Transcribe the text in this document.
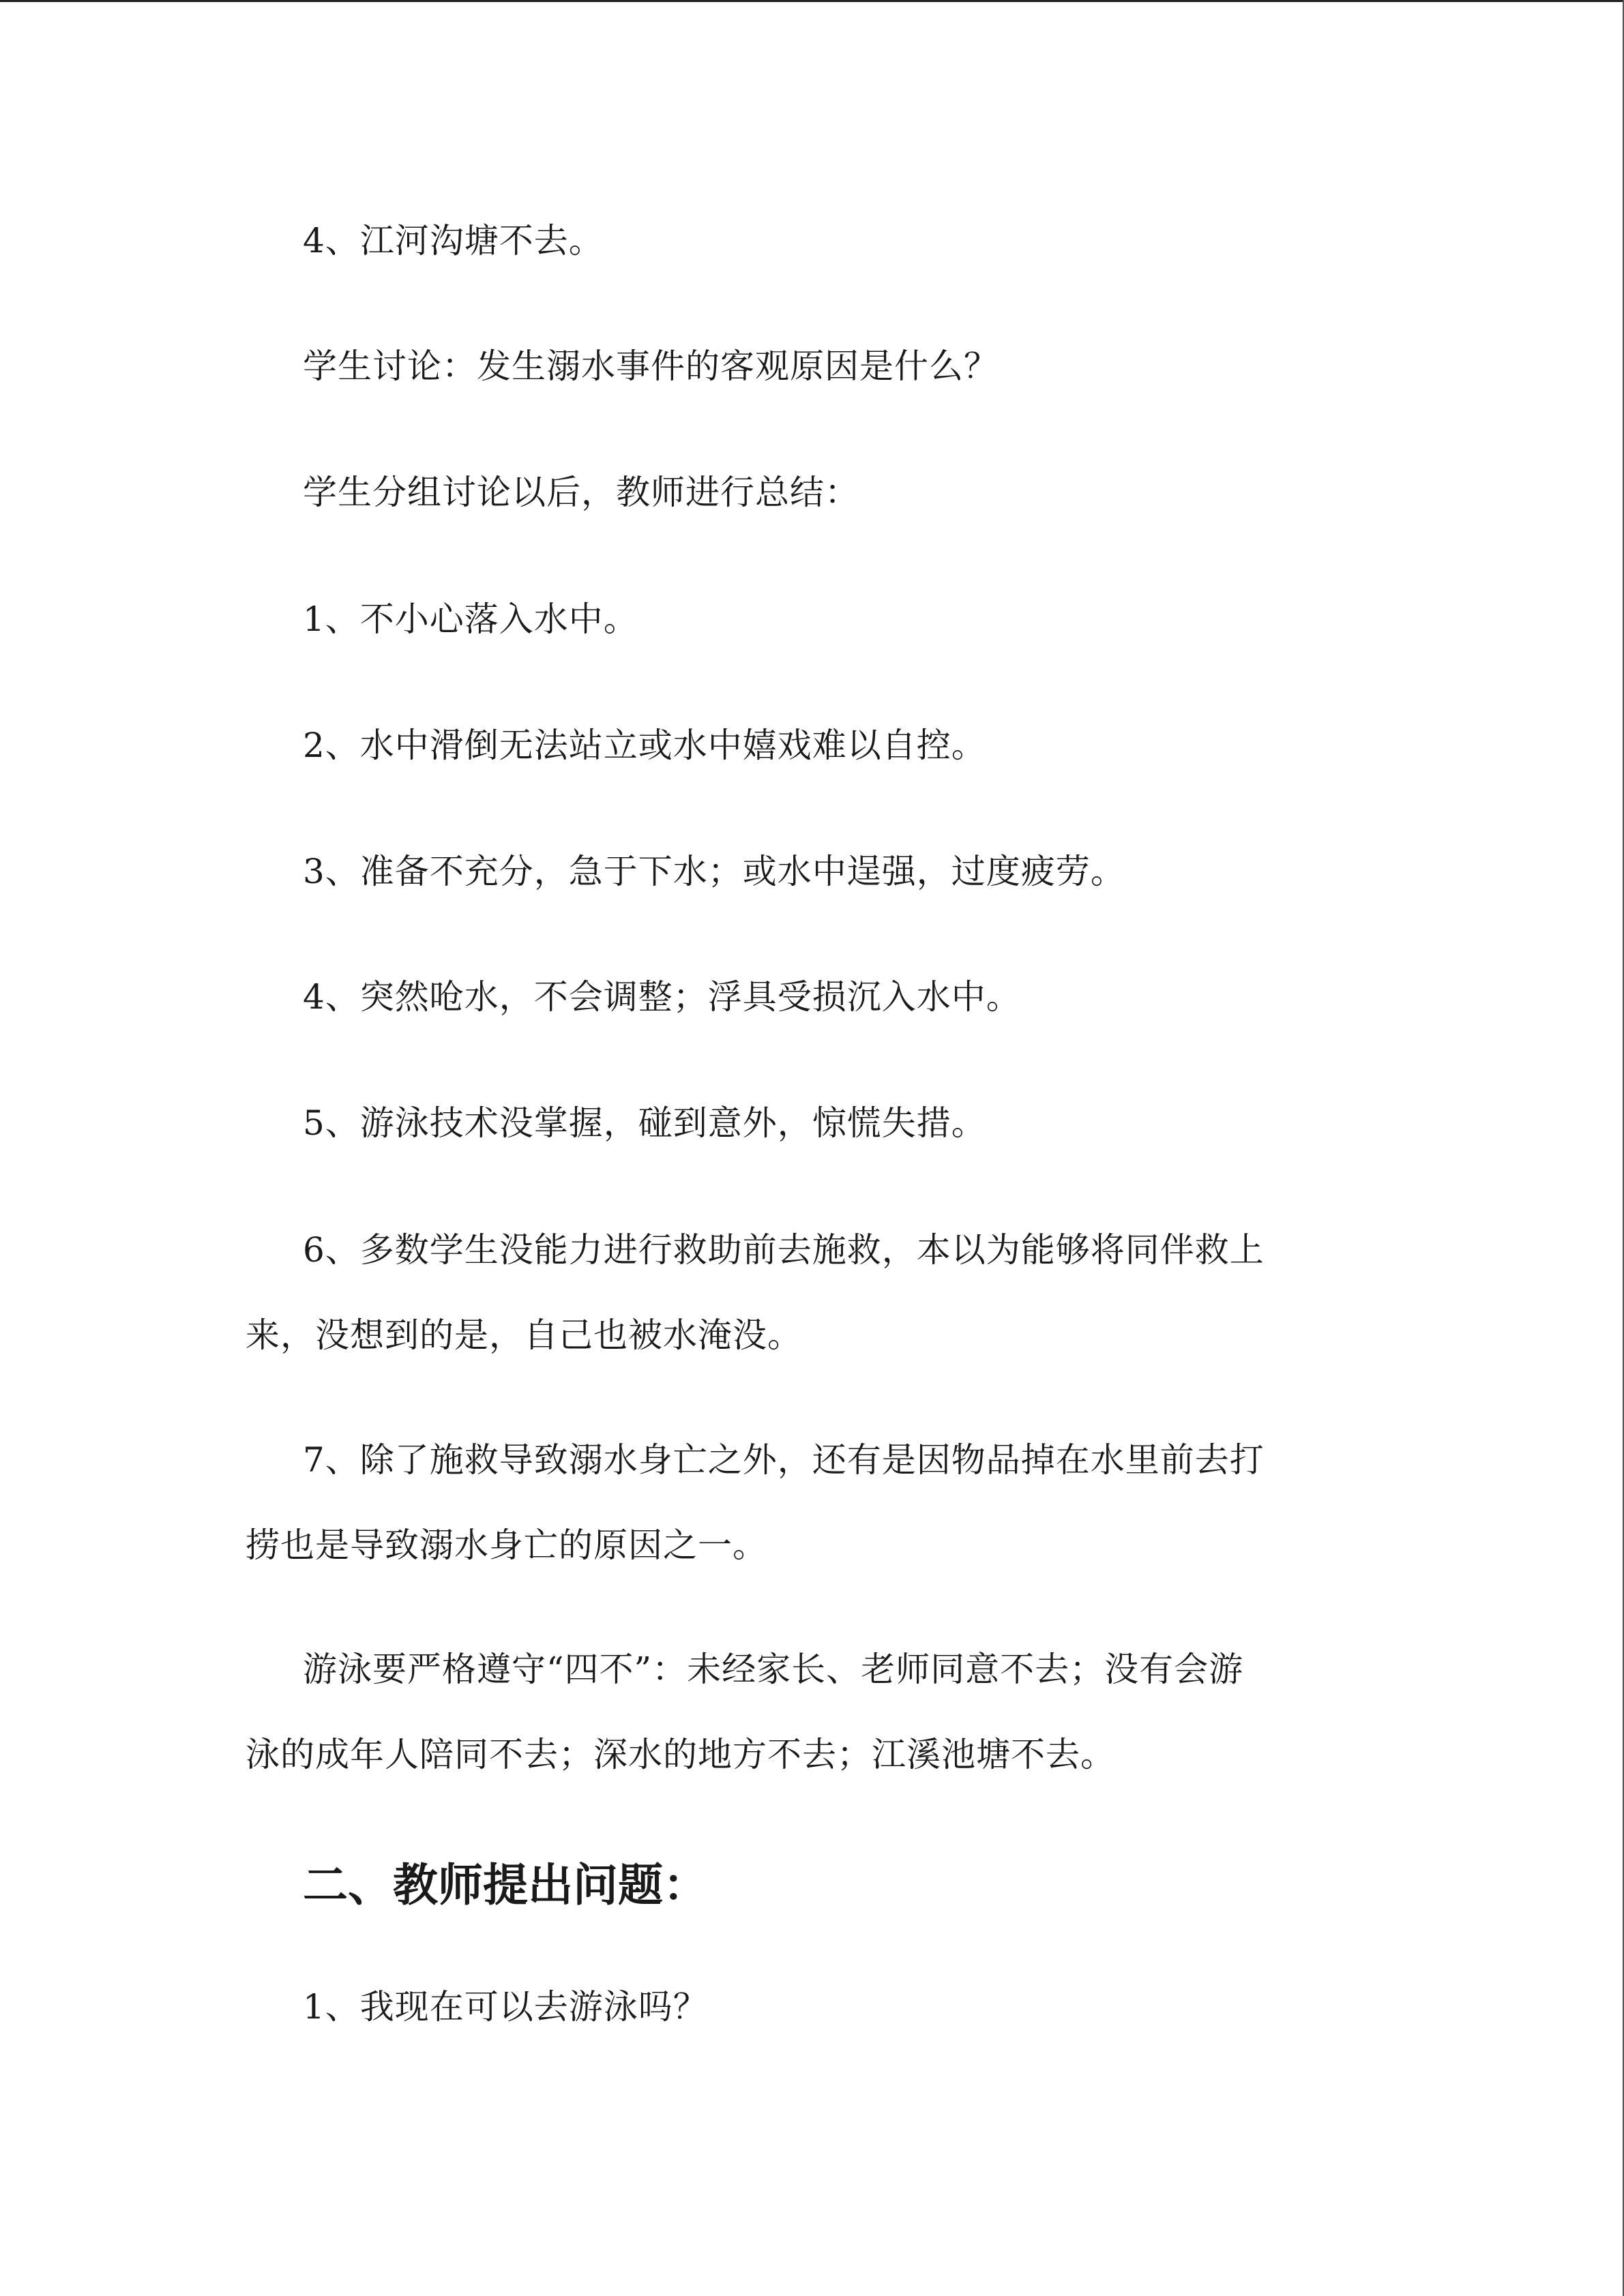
4、江河沟塘不去。
学生讨论：发生溺水事件的客观原因是什么？
学生分组讨论以后，教师进行总结：
1、不小心落入水中。
2、水中滑倒无法站立或水中嬉戏难以自控。
3、准备不充分，急于下水；或水中逞强，过度疲劳。
4、突然呛水，不会调整；浮具受损沉入水中。
5、游泳技术没掌握，碰到意外，惊慌失措。
6、多数学生没能力进行救助前去施救，本以为能够将同伴救上
来，没想到的是，自己也被水淹没。
7、除了施救导致溺水身亡之外，还有是因物品掉在水里前去打
捞也是导致溺水身亡的原因之一。
游泳要严格遵守“四不”：未经家长、老师同意不去；没有会游
泳的成年人陪同不去；深水的地方不去；江溪池塘不去。
二、教师提出问题：
1、我现在可以去游泳吗？
